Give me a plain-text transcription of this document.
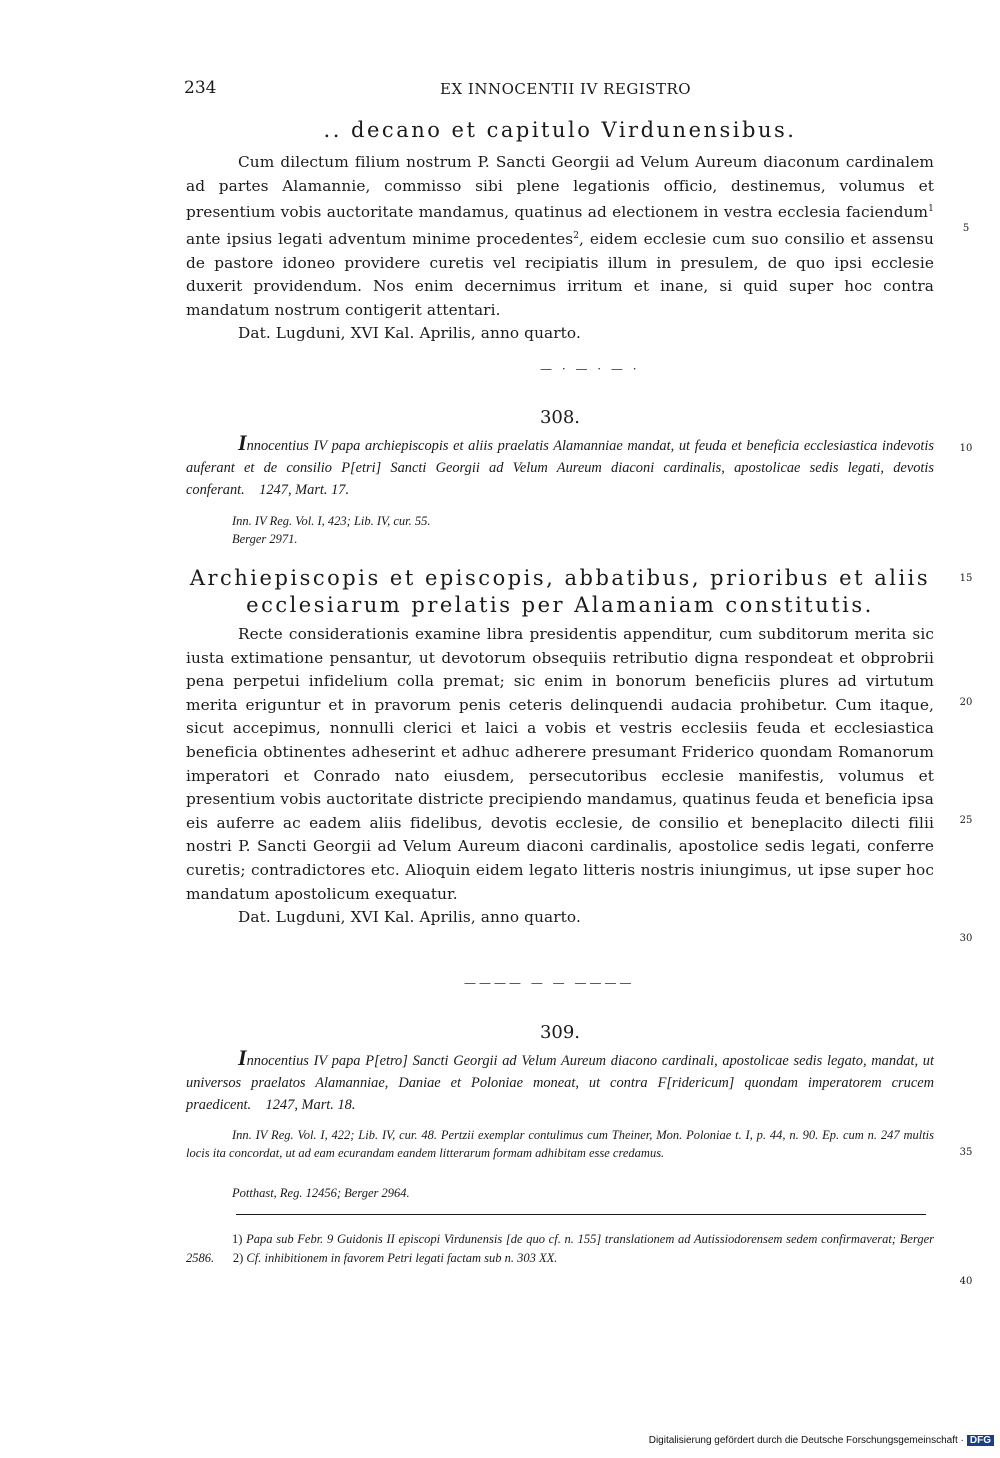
234	EX INNOCENTII IV REGISTRO
.. decano et capitulo Virdunensibus.

Cum dilectum filium nostrum P. Sancti Georgii ad Velum Aureum diaconum cardinalem ad partes Alamannie, commisso sibi plene legationis officio, destinemus, volumus et presentium vobis auctoritate mandamus, quatinus ad electionem in vestra ecclesia faciendum$^1$ ante ipsius legati adventum minime procedentes$^2$, eidem ecclesie cum suo consilio et assensu de pastore idoneo providere curetis vel recipiatis illum in presulem, de quo ipsi ecclesie duxerit providendum. Nos enim decernimus irritum et inane, si quid super hoc contra mandatum nostrum contigerit attentari.

Dat. Lugduni, XVI Kal. Aprilis, anno quarto.

— · — · — ·
308.

Innocentius IV papa archiepiscopis et aliis praelatis Alamanniae mandat, ut feuda et beneficia ecclesiastica indevotis auferant et de consilio P[etri] Sancti Georgii ad Velum Aureum diaconi cardinalis, apostolicae sedis legati, devotis conferant. 1247, Mart. 17.

Inn. IV Reg. Vol. I, 423; Lib. IV, cur. 55.
Berger 2971.
Archiepiscopis et episcopis, abbatibus, prioribus et aliis
ecclesiarum prelatis per Alamaniam constitutis.

Recte considerationis examine libra presidentis appenditur, cum subditorum merita sic iusta extimatione pensantur, ut devotorum obsequiis retributio digna respondeat et obprobrii pena perpetui infidelium colla premat; sic enim in bonorum beneficiis plures ad virtutum merita eriguntur et in pravorum penis ceteris delinquendi audacia prohibetur. Cum itaque, sicut accepimus, nonnulli clerici et laici a vobis et vestris ecclesiis feuda et ecclesiastica beneficia obtinentes adheserint et adhuc adherere presumant Friderico quondam Romanorum imperatori et Conrado nato eiusdem, persecutoribus ecclesie manifestis, volumus et presentium vobis auctoritate districte precipiendo mandamus, quatinus feuda et beneficia ipsa eis auferre ac eadem aliis fidelibus, devotis ecclesie, de consilio et beneplacito dilecti filii nostri P. Sancti Georgii ad Velum Aureum diaconi cardinalis, apostolice sedis legati, conferre curetis; contradictores etc. Alioquin eidem legato litteris nostris iniungimus, ut ipse super hoc mandatum apostolicum exequatur.

Dat. Lugduni, XVI Kal. Aprilis, anno quarto.

———— — — ————
309.

Innocentius IV papa P[etro] Sancti Georgii ad Velum Aureum diacono cardinali, apostolicae sedis legato, mandat, ut universos praelatos Alamanniae, Daniae et Poloniae moneat, ut contra F[ridericum] quondam imperatorem crucem praedicent. 1247, Mart. 18.

Inn. IV Reg. Vol. I, 422; Lib. IV, cur. 48. Pertzii exemplar contulimus cum Theiner, Mon. Poloniae t. I, p. 44, n. 90. Ep. cum n. 247 multis locis ita concordat, ut ad eam ecurandam eandem litterarum formam adhibitam esse credamus.
Potthast, Reg. 12456; Berger 2964.
1) Papa sub Febr. 9 Guidonis II episcopi Virdunensis [de quo cf. n. 155] translationem ad Autissiodorensem sedem confirmaverat; Berger 2586. 2) Cf. inhibitionem in favorem Petri legati factam sub n. 303 XX.
5
10
15
20
25
30
35
40
Digitalisierung gefördert durch die Deutsche Forschungsgemeinschaft · DFG
